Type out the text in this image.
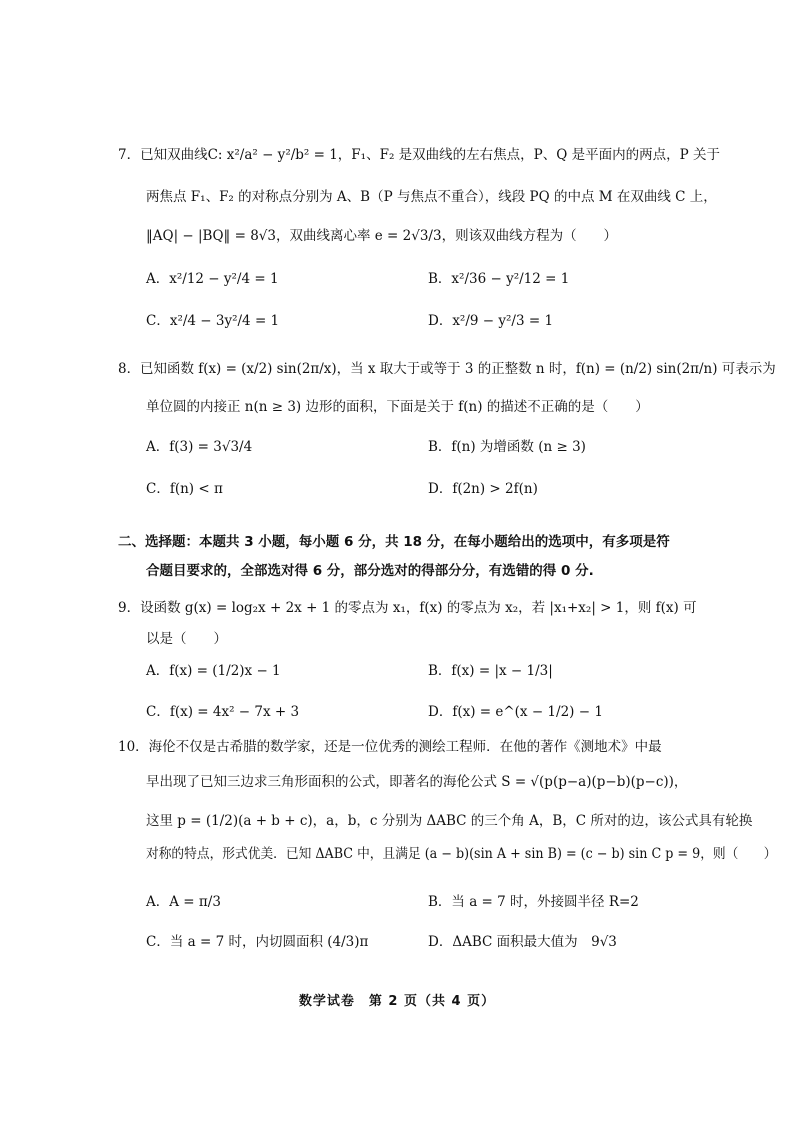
7．已知双曲线C: x²/a² − y²/b² = 1，F₁、F₂ 是双曲线的左右焦点，P、Q 是平面内的两点，P 关于
两焦点 F₁、F₂ 的对称点分别为 A、B（P 与焦点不重合），线段 PQ 的中点 M 在双曲线 C 上，
‖AQ| − |BQ‖ = 8√3，双曲线离心率 e = 2√3/3，则该双曲线方程为（　　）
A．x²/12 − y²/4 = 1	B．x²/36 − y²/12 = 1
C．x²/4 − 3y²/4 = 1	D．x²/9 − y²/3 = 1
8．已知函数 f(x) = (x/2) sin(2π/x)，当 x 取大于或等于 3 的正整数 n 时，f(n) = (n/2) sin(2π/n) 可表示为
单位圆的内接正 n(n ≥ 3) 边形的面积，下面是关于 f(n) 的描述不正确的是（　　）
A．f(3) = 3√3/4	B．f(n) 为增函数 (n ≥ 3)
C．f(n) < π	D．f(2n) > 2f(n)
二、选择题：本题共 3 小题，每小题 6 分，共 18 分，在每小题给出的选项中，有多项是符
合题目要求的，全部选对得 6 分，部分选对的得部分分，有选错的得 0 分.
9．设函数 g(x) = log₂x + 2x + 1 的零点为 x₁，f(x) 的零点为 x₂，若 |x₁+x₂| > 1，则 f(x) 可
以是（　　）
A．f(x) = (1/2)x − 1	B．f(x) = |x − 1/3|
C．f(x) = 4x² − 7x + 3	D．f(x) = e^(x − 1/2) − 1
10．海伦不仅是古希腊的数学家，还是一位优秀的测绘工程师．在他的著作《测地术》中最
早出现了已知三边求三角形面积的公式，即著名的海伦公式 S = √(p(p−a)(p−b)(p−c))，
这里 p = (1/2)(a + b + c)，a，b，c 分别为 ΔABC 的三个角 A，B，C 所对的边，该公式具有轮换
对称的特点，形式优美．已知 ΔABC 中，且满足 (a − b)(sin A + sin B) = (c − b) sin C p = 9，则（　　）
A．A = π/3	B．当 a = 7 时，外接圆半径 R=2
C．当 a = 7 时，内切圆面积 (4/3)π	D．ΔABC 面积最大值为　9√3
数学试卷　第 2 页（共 4 页）
